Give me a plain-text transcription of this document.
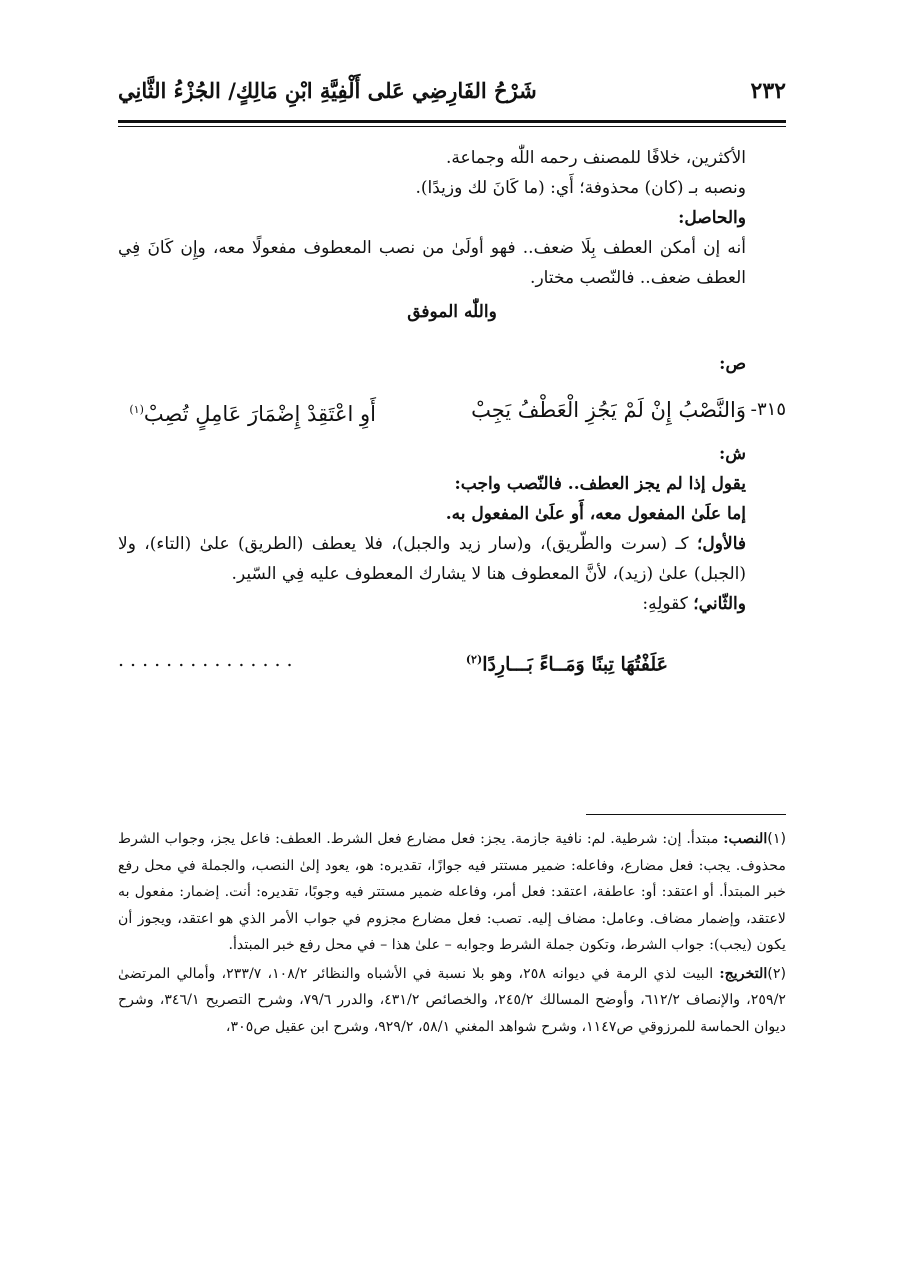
٢٣٢
شَرْحُ الفَارِضِي عَلى أَلْفِيَّةِ ابْنِ مَالِكٍ/ الجُزْءُ الثَّانِي

الأكثرين، خلافًا للمصنف رحمه اللّٰه وجماعة.

ونصبه بـ (كان) محذوفة؛ أَي: (ما كَانَ لك وزيدًا).

والحاصل:

أنه إن أمكن العطف بِلَا ضعف.. فهو أولَىٰ من نصب المعطوف مفعولًا معه، وإِن كَانَ فِي العطف ضعف.. فالنّصب مختار.

واللّٰه الموفق

ص:

٣١٥-
وَالنَّصْبُ إِنْ لَمْ يَجُزِ الْعَطْفُ يَجِبْ
أَوِ اعْتَقِدْ إِضْمَارَ عَامِلٍ تُصِبْ$^{(١)}$

ش:

يقول إذا لم يجز العطف.. فالنّصب واجب:

إما علَىٰ المفعول معه، أَو علَىٰ المفعول به.

فالأول؛ كـ (سرت والطّريق)، و(سار زيد والجبل)، فلا يعطف (الطريق) علىٰ (التاء)، ولا (الجبل) علىٰ (زيد)، لأنَّ المعطوف هنا لا يشارك المعطوف عليه فِي السّير.

والثّاني؛ كقولِهِ:

...............	عَلَفْتُهَا تِبنًا وَمَــاءً بَـــارِدًا$^{(٢)}$

(١)النصب: مبتدأ. إن: شرطية. لم: نافية جازمة. يجز: فعل مضارع فعل الشرط. العطف: فاعل يجز، وجواب الشرط محذوف. يجب: فعل مضارع، وفاعله: ضمير مستتر فيه جوازًا، تقديره: هو، يعود إلىٰ النصب، والجملة في محل رفع خبر المبتدأ. أو اعتقد: أو: عاطفة، اعتقد: فعل أمر، وفاعله ضمير مستتر فيه وجوبًا، تقديره: أنت. إضمار: مفعول به لاعتقد، وإضمار مضاف. وعامل: مضاف إليه. تصب: فعل مضارع مجزوم في جواب الأمر الذي هو اعتقد، ويجوز أن يكون (يجب): جواب الشرط، وتكون جملة الشرط وجوابه – علىٰ هذا – في محل رفع خبر المبتدأ.

(٢)التخريج: البيت لذي الرمة في ديوانه ٢٥٨، وهو بلا نسبة في الأشباه والنظائر ١٠٨/٢، ٢٣٣/٧، وأمالي المرتضىٰ ٢٥٩/٢، والإنصاف ٦١٢/٢، وأوضح المسالك ٢٤٥/٢، والخصائص ٤٣١/٢، والدرر ٧٩/٦، وشرح التصريح ٣٤٦/١، وشرح ديوان الحماسة للمرزوقي ص١١٤٧، وشرح شواهد المغني ٥٨/١، ٩٢٩/٢، وشرح ابن عقيل ص٣٠٥،
